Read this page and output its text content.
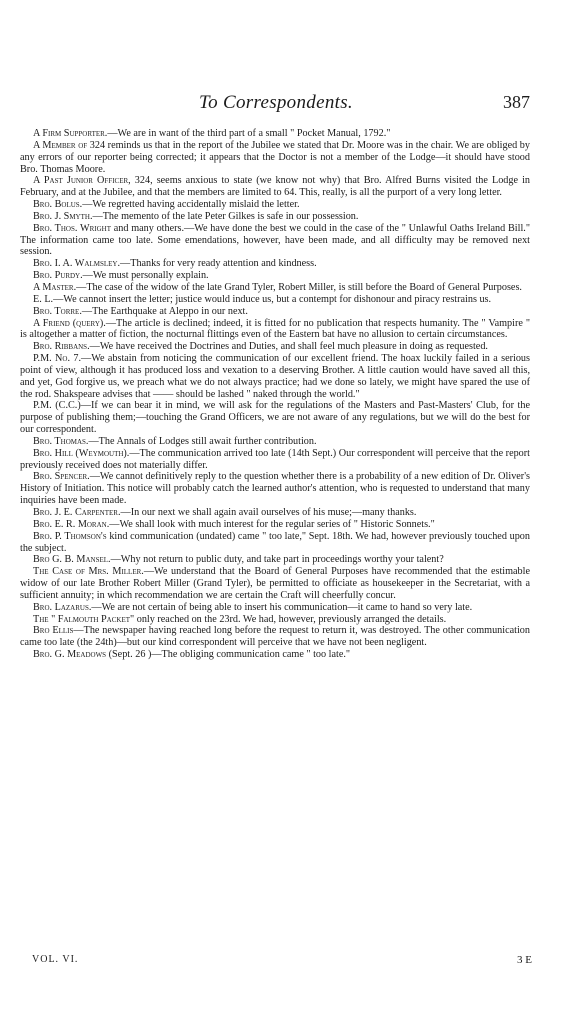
To Correspondents.	387

A Firm Supporter.—We are in want of the third part of a small " Pocket Manual, 1792."

A Member of 324 reminds us that in the report of the Jubilee we stated that Dr. Moore was in the chair. We are obliged by any errors of our reporter being corrected; it appears that the Doctor is not a member of the Lodge—it should have stood Bro. Thomas Moore.

A Past Junior Officer, 324, seems anxious to state (we know not why) that Bro. Alfred Burns visited the Lodge in February, and at the Jubilee, and that the members are limited to 64. This, really, is all the purport of a very long letter.

Bro. Bolus.—We regretted having accidentally mislaid the letter.

Bro. J. Smyth.—The memento of the late Peter Gilkes is safe in our possession.

Bro. Thos. Wright and many others.—We have done the best we could in the case of the " Unlawful Oaths Ireland Bill." The information came too late. Some emendations, however, have been made, and all difficulty may be removed next session.

Bro. I. A. Walmsley.—Thanks for very ready attention and kindness.

Bro. Purdy.—We must personally explain.

A Master.—The case of the widow of the late Grand Tyler, Robert Miller, is still before the Board of General Purposes.

E. L.—We cannot insert the letter; justice would induce us, but a contempt for dishonour and piracy restrains us.

Bro. Torre.—The Earthquake at Aleppo in our next.

A Friend (query).—The article is declined; indeed, it is fitted for no publication that respects humanity. The " Vampire " is altogether a matter of fiction, the nocturnal flittings even of the Eastern bat have no allusion to certain circumstances.

Bro. Ribbans.—We have received the Doctrines and Duties, and shall feel much pleasure in doing as requested.

P.M. No. 7.—We abstain from noticing the communication of our excellent friend. The hoax luckily failed in a serious point of view, although it has produced loss and vexation to a deserving Brother. A little caution would have saved all this, and yet, God forgive us, we preach what we do not always practice; had we done so lately, we might have spared the use of the rod. Shakspeare advises that —— should be lashed " naked through the world."

P.M. (C.C.)—If we can bear it in mind, we will ask for the regulations of the Masters and Past-Masters' Club, for the purpose of publishing them;—touching the Grand Officers, we are not aware of any regulations, but we will do the best for our correspondent.

Bro. Thomas.—The Annals of Lodges still await further contribution.

Bro. Hill (Weymouth).—The communication arrived too late (14th Sept.) Our correspondent will perceive that the report previously received does not materially differ.

Bro. Spencer.—We cannot definitively reply to the question whether there is a probability of a new edition of Dr. Oliver's History of Initiation. This notice will probably catch the learned author's attention, who is requested to understand that many inquiries have been made.

Bro. J. E. Carpenter.—In our next we shall again avail ourselves of his muse;—many thanks.

Bro. E. R. Moran.—We shall look with much interest for the regular series of " Historic Sonnets."

Bro. P. Thomson's kind communication (undated) came " too late," Sept. 18th. We had, however previously touched upon the subject.

Bro G. B. Mansel.—Why not return to public duty, and take part in proceedings worthy your talent?

The Case of Mrs. Miller.—We understand that the Board of General Purposes have recommended that the estimable widow of our late Brother Robert Miller (Grand Tyler), be permitted to officiate as housekeeper in the Secretariat, with a sufficient annuity; in which recommendation we are certain the Craft will cheerfully concur.

Bro. Lazarus.—We are not certain of being able to insert his communication—it came to hand so very late.

The " Falmouth Packet" only reached on the 23rd. We had, however, previously arranged the details.

Bro Ellis—The newspaper having reached long before the request to return it, was destroyed. The other communication came too late (the 24th)—but our kind correspondent will perceive that we have not been negligent.

Bro. G. Meadows (Sept. 26 )—The obliging communication came " too late."

VOL. VI.	3 E
